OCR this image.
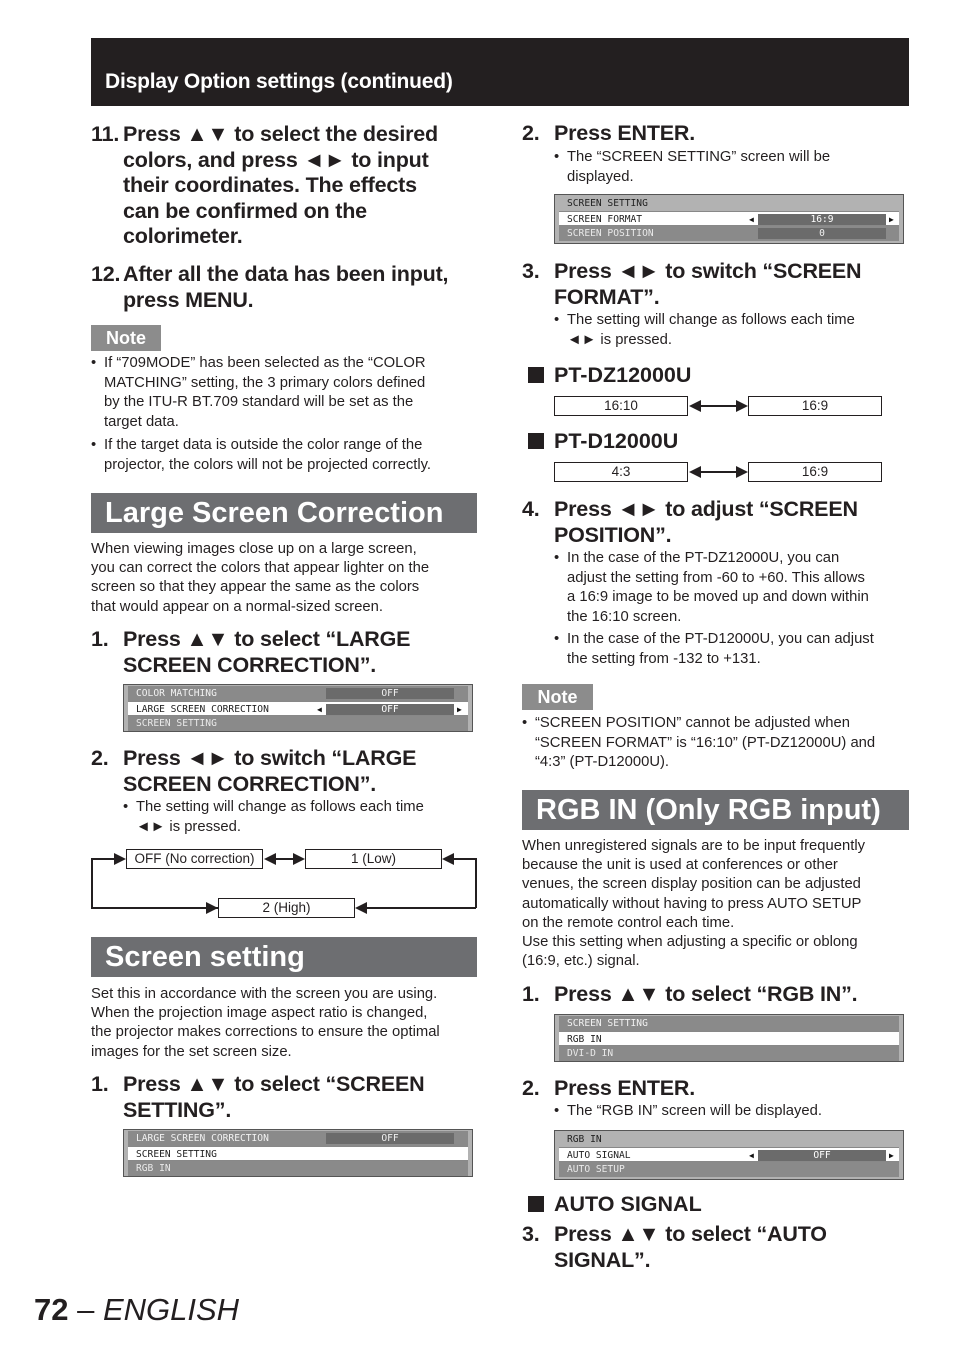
Display Option settings (continued)
11. Press ▲▼ to select the desired
colors, and press ◄► to input
their coordinates. The effects
can be confirmed on the
colorimeter.
12. After all the data has been input,
press MENU.
Note
• If “709MODE” has been selected as the “COLOR
MATCHING” setting, the 3 primary colors defined
by the ITU-R BT.709 standard will be set as the
target data.
• If the target data is outside the color range of the
projector, the colors will not be projected correctly.
Large Screen Correction
When viewing images close up on a large screen,
you can correct the colors that appear lighter on the
screen so that they appear the same as the colors
that would appear on a normal-sized screen.
1. Press ▲▼ to select “LARGE
SCREEN CORRECTION”.
COLOR MATCHING	OFF
LARGE SCREEN CORRECTION	◀	OFF	▶
SCREEN SETTING
2. Press ◄► to switch “LARGE
SCREEN CORRECTION”.
• The setting will change as follows each time
◄► is pressed.
OFF (No correction)	1 (Low)
2 (High)
Screen setting
Set this in accordance with the screen you are using.
When the projection image aspect ratio is changed,
the projector makes corrections to ensure the optimal
images for the set screen size.
1. Press ▲▼ to select “SCREEN
SETTING”.
LARGE SCREEN CORRECTION	OFF
SCREEN SETTING
RGB IN
2. Press ENTER.
• The “SCREEN SETTING” screen will be
displayed.
SCREEN SETTING
SCREEN FORMAT	◀	16:9	▶
SCREEN POSITION	0
3. Press ◄► to switch “SCREEN
FORMAT”.
• The setting will change as follows each time
◄► is pressed.
PT-DZ12000U
16:10	16:9
PT-D12000U
4:3	16:9
4. Press ◄► to adjust “SCREEN
POSITION”.
• In the case of the PT-DZ12000U, you can
adjust the setting from -60 to +60. This allows
a 16:9 image to be moved up and down within
the 16:10 screen.
• In the case of the PT-D12000U, you can adjust
the setting from -132 to +131.
Note
• “SCREEN POSITION” cannot be adjusted when
“SCREEN FORMAT” is “16:10” (PT-DZ12000U) and
“4:3” (PT-D12000U).
RGB IN (Only RGB input)
When unregistered signals are to be input frequently
because the unit is used at conferences or other
venues, the screen display position can be adjusted
automatically without having to press AUTO SETUP
on the remote control each time.
Use this setting when adjusting a specific or oblong
(16:9, etc.) signal.
1. Press ▲▼ to select “RGB IN”.
SCREEN SETTING
RGB IN
DVI-D IN
2. Press ENTER.
• The “RGB IN” screen will be displayed.
RGB IN
AUTO SIGNAL	◀	OFF	▶
AUTO SETUP
AUTO SIGNAL
3. Press ▲▼ to select “AUTO
SIGNAL”.
72 – ENGLISH
